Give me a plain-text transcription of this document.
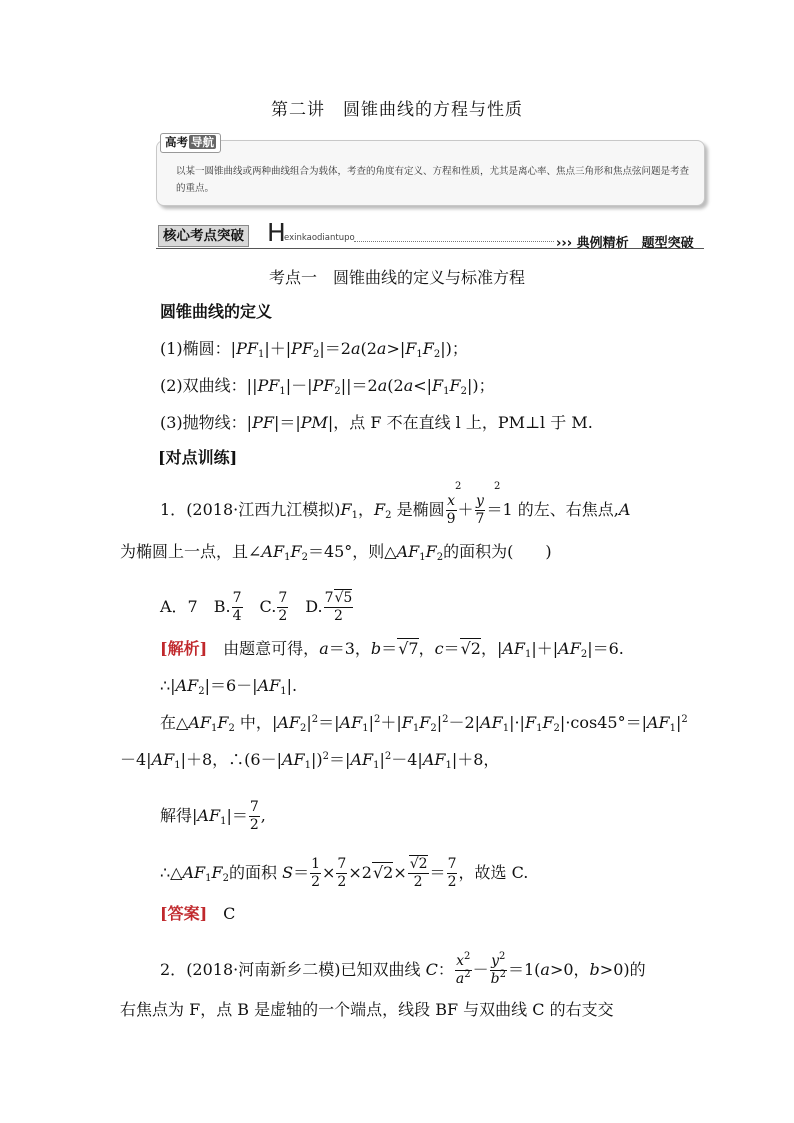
第二讲　圆锥曲线的方程与性质
高考 导航
以某一圆锥曲线或两种曲线组合为载体，考查的角度有定义、方程和性质，尤其是离心率、焦点三角形和焦点弦问题是考查的重点。
核心考点突破 H
exinkaodiantupo	››› 典例精析　题型突破
考点一　圆锥曲线的定义与标准方程
圆锥曲线的定义
(1)椭圆：$|PF_1|+|PF_2|=2a(2a>|F_1F_2|)$；
(2)双曲线：$||PF_1|-|PF_2||=2a(2a<|F_1F_2|)$；
(3)抛物线：|PF|＝|PM|，点 F 不在直线 l 上，PM⊥l 于 M.
[对点训练]
1．(2018·江西九江模拟)$F_1$，$F_2$ 是椭圆 $\frac{x}{9} + \frac{y}{7} =1$ 的左、右焦点,A
2	2
为椭圆上一点，且$\angle AF_1F_2=45^\circ$，则$\triangle AF_1F_2$的面积为(　　)
A．7　 B. $\frac{7}{4}$
　 C. $\frac{7}{2}$
　 D. $\frac{7√5}{2}$
[解析]　 由题意可得，a＝3，b＝√7，c＝√2，$|AF_1|+|AF_2|=6$.
$\therefore|AF_2|=6-|AF_1|$.
在$\triangle AF_1F_2$ 中，$|AF_2|^2=|AF_1|^2+|F_1F_2|^2-2|AF_1|\cdot|F_1F_2|\cdot\cos 45^\circ=|AF_1|^2$
$-4|AF_1|+8$，$\therefore(6-|AF_1|)^2=|AF_1|^2-4|AF_1|+8$，
解得$|AF_1|= \frac{7}{2}$ ,
$\therefore\triangle AF_1F_2$的面积 $S= \frac{1}{2} \times \frac{7}{2} \times 2√2\times \frac{√2}{2} = \frac{7}{2}$ ，故选 C.
[答案]　 C
2．(2018·河南新乡二模)已知双曲线 C： $\frac{x^2}{a^2} - \frac{y^2}{b^2} =1(a>0$，b>0)的
右焦点为 F，点 B 是虚轴的一个端点，线段 BF 与双曲线 C 的右支交
